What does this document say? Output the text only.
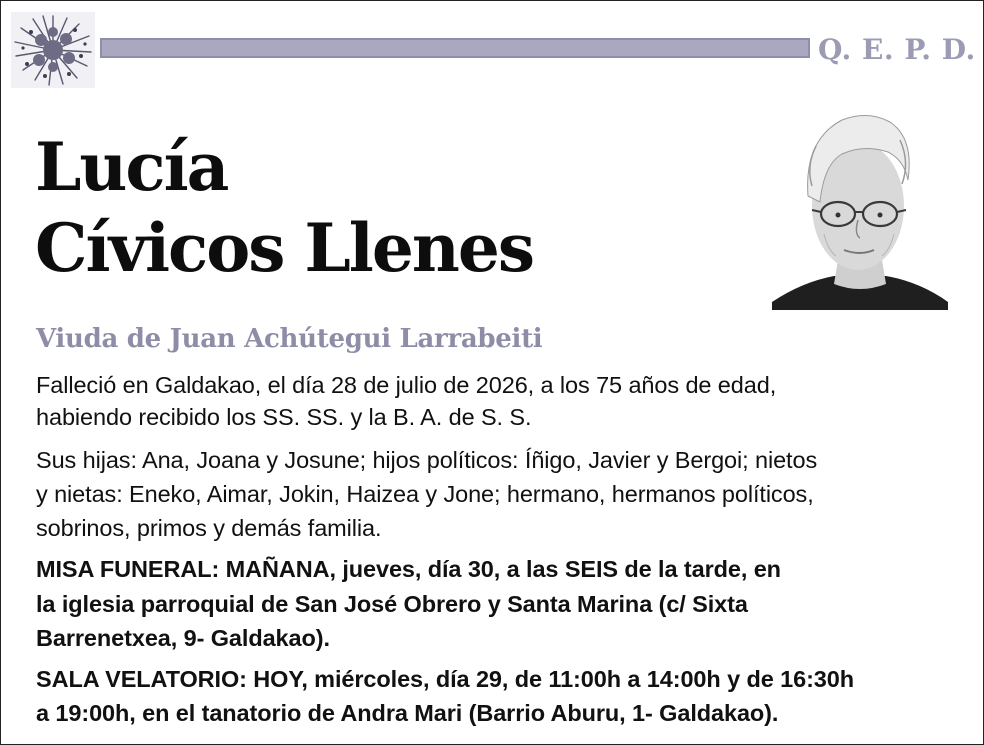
Q. E. P. D.
Lucía
Cívicos Llenes
Viuda de Juan Achútegui Larrabeiti
Falleció en Galdakao, el día 28 de julio de 2026, a los 75 años de edad,
habiendo recibido los SS. SS. y la B. A. de S. S.
Sus hijas: Ana, Joana y Josune; hijos políticos: Íñigo, Javier y Bergoi; nietos
y nietas: Eneko, Aimar, Jokin, Haizea y Jone; hermano, hermanos políticos,
sobrinos, primos y demás familia.
MISA FUNERAL: MAÑANA, jueves, día 30, a las SEIS de la tarde, en
la iglesia parroquial de San José Obrero y Santa Marina (c/ Sixta
Barrenetxea, 9- Galdakao).
SALA VELATORIO: HOY, miércoles, día 29, de 11:00h a 14:00h y de 16:30h
a 19:00h, en el tanatorio de Andra Mari (Barrio Aburu, 1- Galdakao).
